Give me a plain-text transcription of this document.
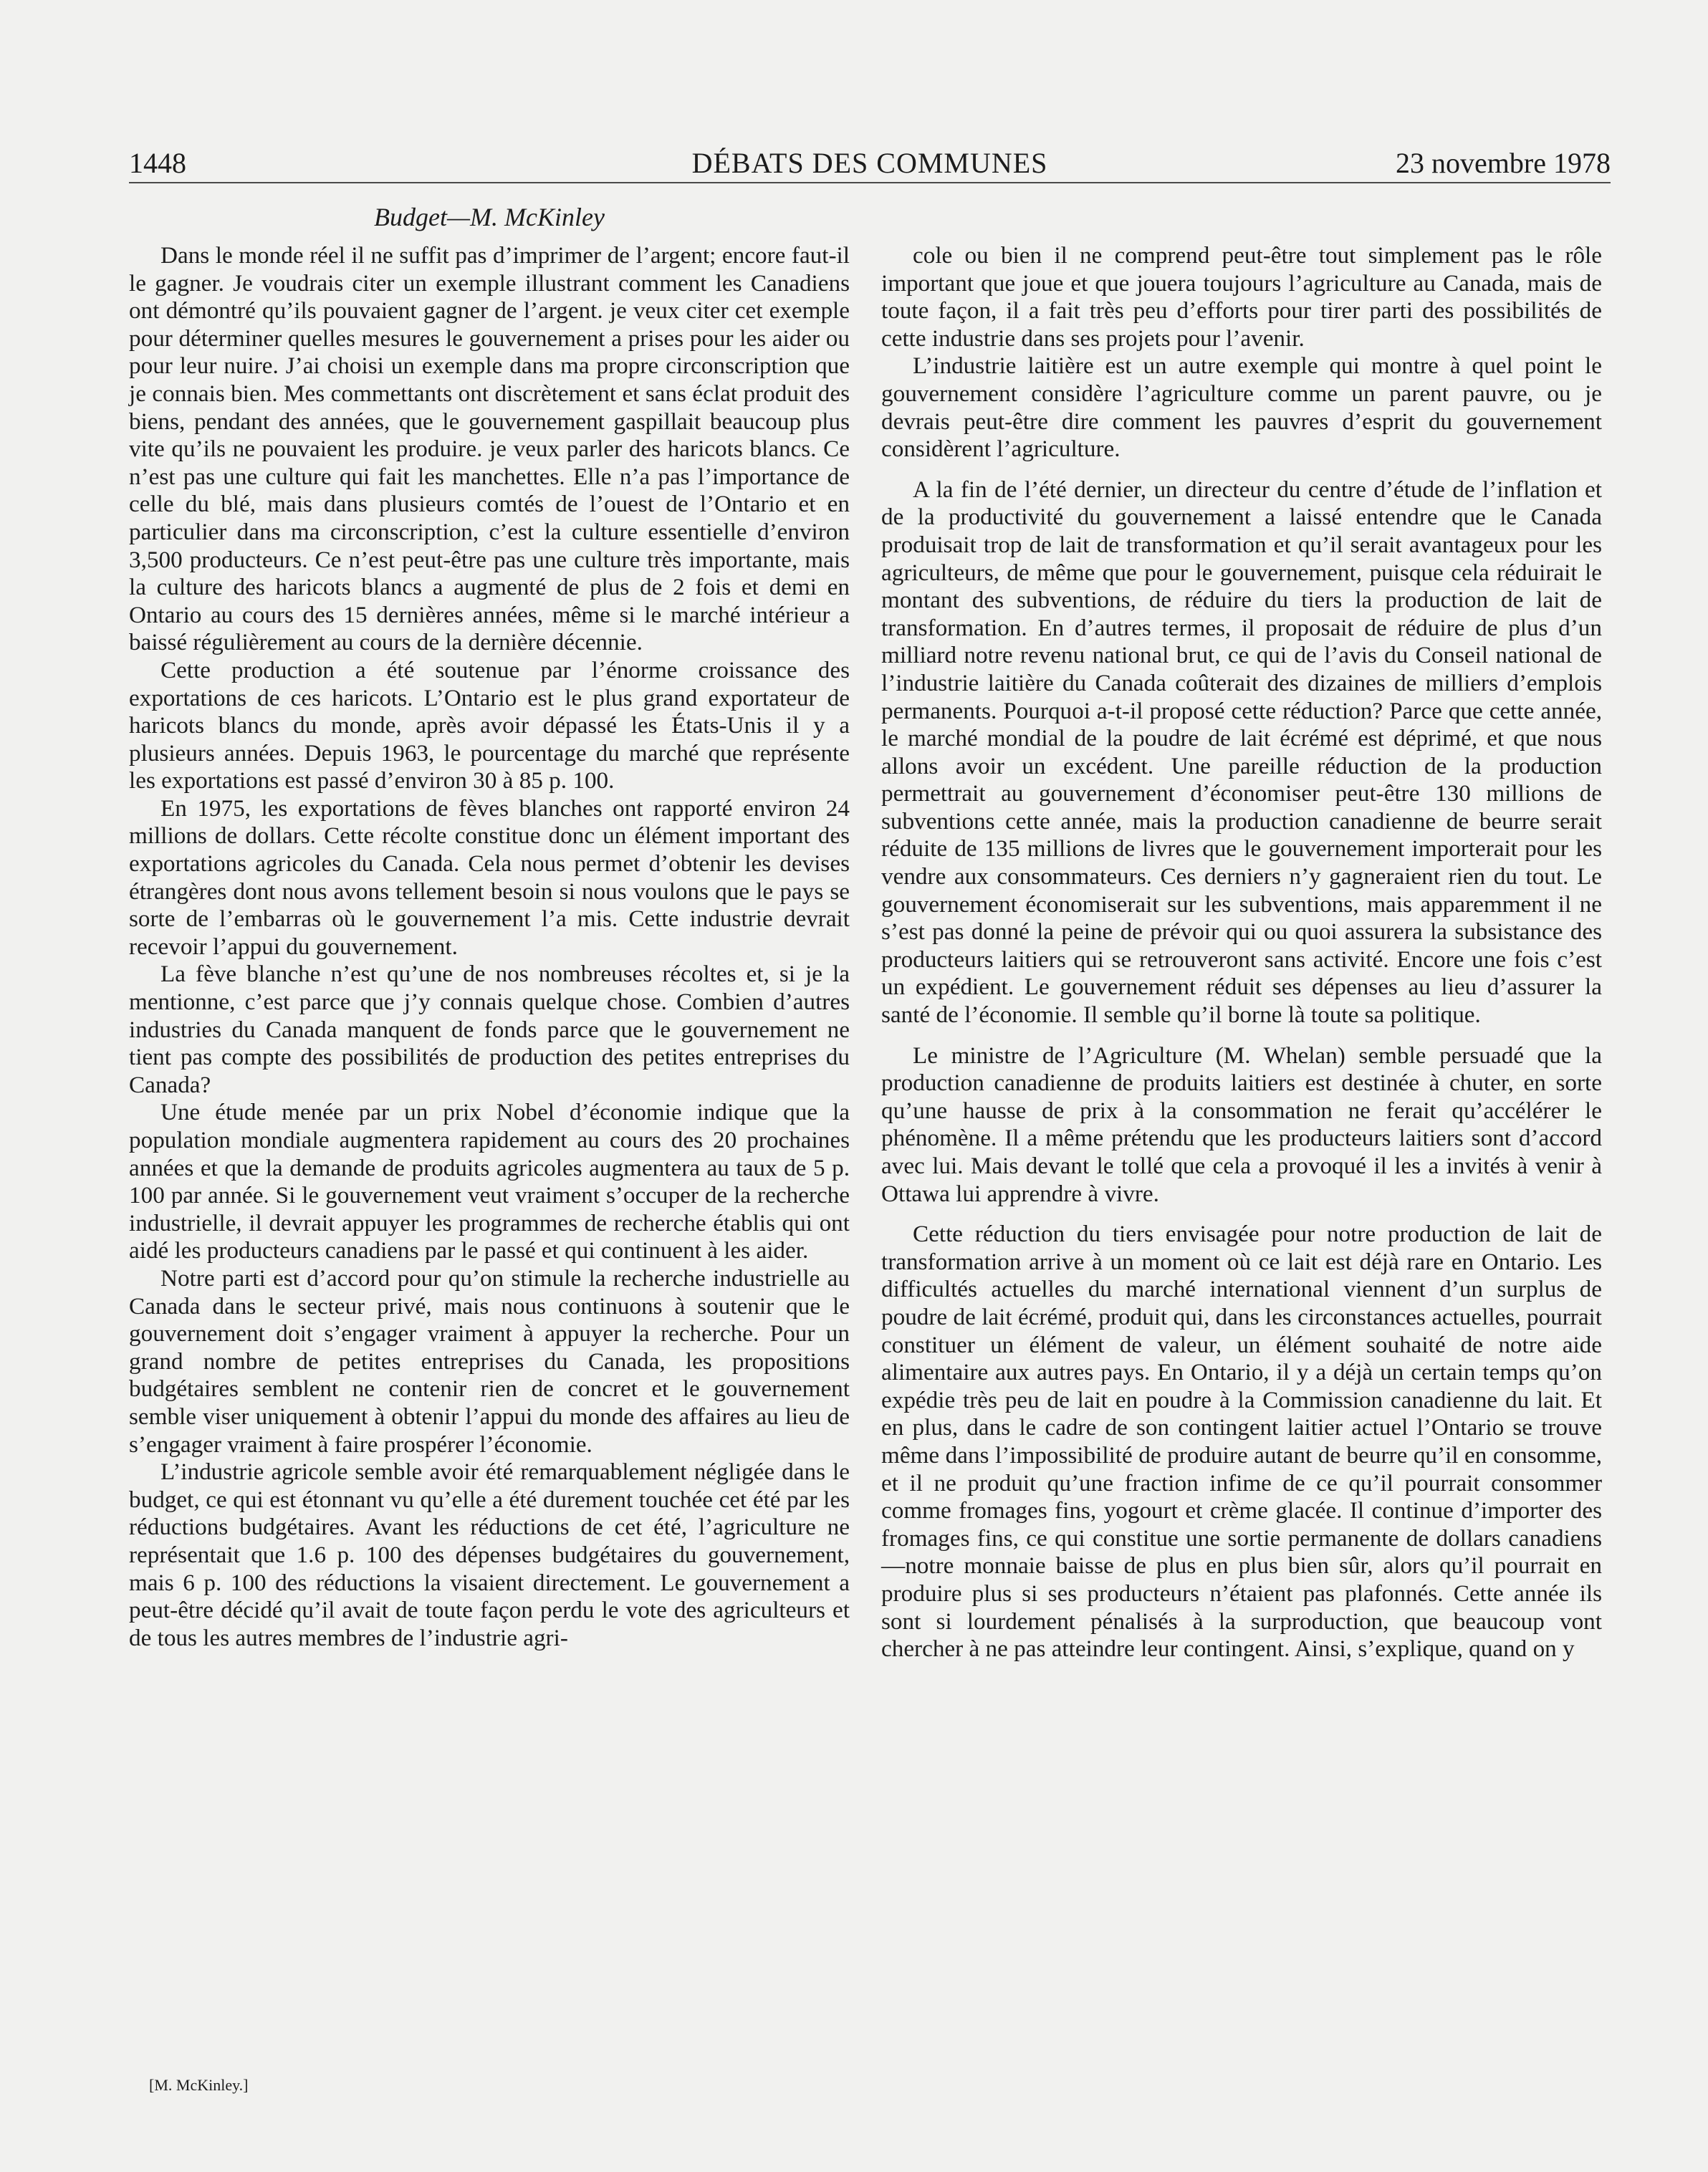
1448	DÉBATS DES COMMUNES	23 novembre 1978
Budget—M. McKinley

Dans le monde réel il ne suffit pas d’imprimer de l’argent; encore faut-il le gagner. Je voudrais citer un exemple illustrant comment les Canadiens ont démontré qu’ils pouvaient gagner de l’argent. je veux citer cet exemple pour déterminer quelles mesures le gouvernement a prises pour les aider ou pour leur nuire. J’ai choisi un exemple dans ma propre circonscription que je connais bien. Mes commettants ont discrètement et sans éclat produit des biens, pendant des années, que le gouvernement gaspillait beaucoup plus vite qu’ils ne pouvaient les produire. je veux parler des haricots blancs. Ce n’est pas une culture qui fait les manchettes. Elle n’a pas l’importance de celle du blé, mais dans plusieurs comtés de l’ouest de l’Ontario et en particulier dans ma circonscription, c’est la culture essentielle d’environ 3,500 producteurs. Ce n’est peut-être pas une culture très importante, mais la culture des haricots blancs a augmenté de plus de 2 fois et demi en Ontario au cours des 15 dernières années, même si le marché intérieur a baissé régulièrement au cours de la dernière décennie.

Cette production a été soutenue par l’énorme croissance des exportations de ces haricots. L’Ontario est le plus grand exportateur de haricots blancs du monde, après avoir dépassé les États-Unis il y a plusieurs années. Depuis 1963, le pourcentage du marché que représente les exportations est passé d’environ 30 à 85 p. 100.

En 1975, les exportations de fèves blanches ont rapporté environ 24 millions de dollars. Cette récolte constitue donc un élément important des exportations agricoles du Canada. Cela nous permet d’obtenir les devises étrangères dont nous avons tellement besoin si nous voulons que le pays se sorte de l’embarras où le gouvernement l’a mis. Cette industrie devrait recevoir l’appui du gouvernement.

La fève blanche n’est qu’une de nos nombreuses récoltes et, si je la mentionne, c’est parce que j’y connais quelque chose. Combien d’autres industries du Canada manquent de fonds parce que le gouvernement ne tient pas compte des possibilités de production des petites entreprises du Canada?

Une étude menée par un prix Nobel d’économie indique que la population mondiale augmentera rapidement au cours des 20 prochaines années et que la demande de produits agricoles augmentera au taux de 5 p. 100 par année. Si le gouvernement veut vraiment s’occuper de la recherche industrielle, il devrait appuyer les programmes de recherche établis qui ont aidé les producteurs canadiens par le passé et qui continuent à les aider.

Notre parti est d’accord pour qu’on stimule la recherche industrielle au Canada dans le secteur privé, mais nous continuons à soutenir que le gouvernement doit s’engager vraiment à appuyer la recherche. Pour un grand nombre de petites entreprises du Canada, les propositions budgétaires semblent ne contenir rien de concret et le gouvernement semble viser uniquement à obtenir l’appui du monde des affaires au lieu de s’engager vraiment à faire prospérer l’économie.

L’industrie agricole semble avoir été remarquablement négligée dans le budget, ce qui est étonnant vu qu’elle a été durement touchée cet été par les réductions budgétaires. Avant les réductions de cet été, l’agriculture ne représentait que 1.6 p. 100 des dépenses budgétaires du gouvernement, mais 6 p. 100 des réductions la visaient directement. Le gouvernement a peut-être décidé qu’il avait de toute façon perdu le vote des agriculteurs et de tous les autres membres de l’industrie agri-

cole ou bien il ne comprend peut-être tout simplement pas le rôle important que joue et que jouera toujours l’agriculture au Canada, mais de toute façon, il a fait très peu d’efforts pour tirer parti des possibilités de cette industrie dans ses projets pour l’avenir.

L’industrie laitière est un autre exemple qui montre à quel point le gouvernement considère l’agriculture comme un parent pauvre, ou je devrais peut-être dire comment les pauvres d’esprit du gouvernement considèrent l’agriculture.

A la fin de l’été dernier, un directeur du centre d’étude de l’inflation et de la productivité du gouvernement a laissé entendre que le Canada produisait trop de lait de transformation et qu’il serait avantageux pour les agriculteurs, de même que pour le gouvernement, puisque cela réduirait le montant des subventions, de réduire du tiers la production de lait de transformation. En d’autres termes, il proposait de réduire de plus d’un milliard notre revenu national brut, ce qui de l’avis du Conseil national de l’industrie laitière du Canada coûterait des dizaines de milliers d’emplois permanents. Pourquoi a-t-il proposé cette réduction? Parce que cette année, le marché mondial de la poudre de lait écrémé est déprimé, et que nous allons avoir un excédent. Une pareille réduction de la production permettrait au gouvernement d’économiser peut-être 130 millions de subventions cette année, mais la production canadienne de beurre serait réduite de 135 millions de livres que le gouvernement importerait pour les vendre aux consommateurs. Ces derniers n’y gagneraient rien du tout. Le gouvernement économiserait sur les subventions, mais apparemment il ne s’est pas donné la peine de prévoir qui ou quoi assurera la subsistance des producteurs laitiers qui se retrouveront sans activité. Encore une fois c’est un expédient. Le gouvernement réduit ses dépenses au lieu d’assurer la santé de l’économie. Il semble qu’il borne là toute sa politique.

Le ministre de l’Agriculture (M. Whelan) semble persuadé que la production canadienne de produits laitiers est destinée à chuter, en sorte qu’une hausse de prix à la consommation ne ferait qu’accélérer le phénomène. Il a même prétendu que les producteurs laitiers sont d’accord avec lui. Mais devant le tollé que cela a provoqué il les a invités à venir à Ottawa lui apprendre à vivre.

Cette réduction du tiers envisagée pour notre production de lait de transformation arrive à un moment où ce lait est déjà rare en Ontario. Les difficultés actuelles du marché international viennent d’un surplus de poudre de lait écrémé, produit qui, dans les circonstances actuelles, pourrait constituer un élément de valeur, un élément souhaité de notre aide alimentaire aux autres pays. En Ontario, il y a déjà un certain temps qu’on expédie très peu de lait en poudre à la Commission canadienne du lait. Et en plus, dans le cadre de son contingent laitier actuel l’Ontario se trouve même dans l’impossibilité de produire autant de beurre qu’il en consomme, et il ne produit qu’une fraction infime de ce qu’il pourrait consommer comme fromages fins, yogourt et crème glacée. Il continue d’importer des fromages fins, ce qui constitue une sortie permanente de dollars canadiens—notre monnaie baisse de plus en plus bien sûr, alors qu’il pourrait en produire plus si ses producteurs n’étaient pas plafonnés. Cette année ils sont si lourdement pénalisés à la surproduction, que beaucoup vont chercher à ne pas atteindre leur contingent. Ainsi, s’explique, quand on y

[M. McKinley.]
